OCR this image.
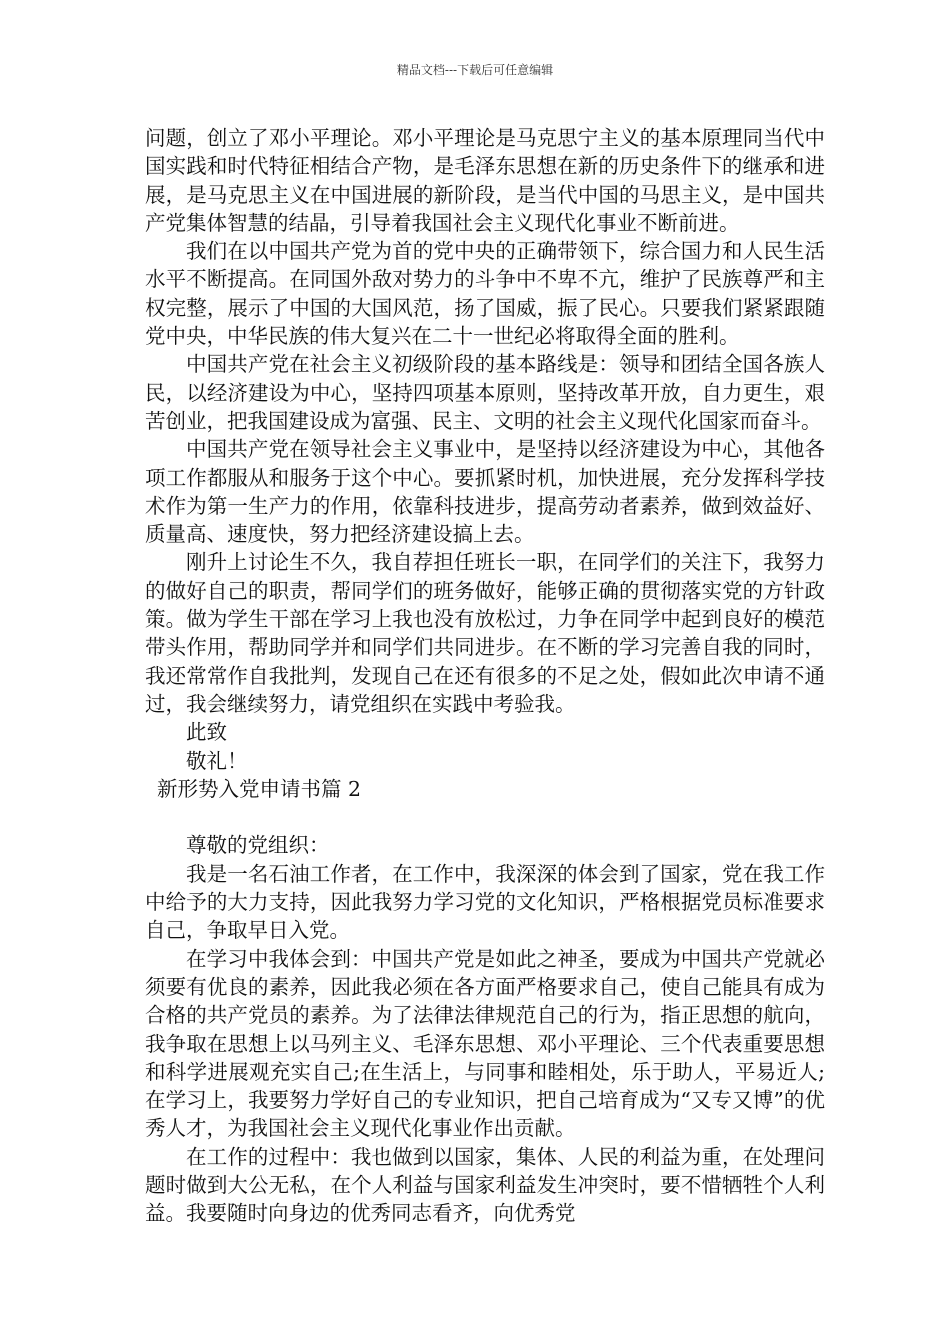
精品文档---下载后可任意编辑

问题，创立了邓小平理论。邓小平理论是马克思宁主义的基本原理同当代中国实践和时代特征相结合产物，是毛泽东思想在新的历史条件下的继承和进展，是马克思主义在中国进展的新阶段，是当代中国的马思主义，是中国共产党集体智慧的结晶，引导着我国社会主义现代化事业不断前进。

我们在以中国共产党为首的党中央的正确带领下，综合国力和人民生活水平不断提高。在同国外敌对势力的斗争中不卑不亢，维护了民族尊严和主权完整，展示了中国的大国风范，扬了国威，振了民心。只要我们紧紧跟随党中央，中华民族的伟大复兴在二十一世纪必将取得全面的胜利。

中国共产党在社会主义初级阶段的基本路线是：领导和团结全国各族人民，以经济建设为中心，坚持四项基本原则，坚持改革开放，自力更生，艰苦创业，把我国建设成为富强、民主、文明的社会主义现代化国家而奋斗。

中国共产党在领导社会主义事业中，是坚持以经济建设为中心，其他各项工作都服从和服务于这个中心。要抓紧时机，加快进展，充分发挥科学技术作为第一生产力的作用，依靠科技进步，提高劳动者素养，做到效益好、质量高、速度快，努力把经济建设搞上去。

刚升上讨论生不久，我自荐担任班长一职，在同学们的关注下，我努力的做好自己的职责，帮同学们的班务做好，能够正确的贯彻落实党的方针政策。做为学生干部在学习上我也没有放松过，力争在同学中起到良好的模范带头作用，帮助同学并和同学们共同进步。在不断的学习完善自我的同时，我还常常作自我批判，发现自己在还有很多的不足之处，假如此次申请不通过，我会继续努力，请党组织在实践中考验我。

此致

敬礼！

新形势入党申请书篇 2

尊敬的党组织：

我是一名石油工作者，在工作中，我深深的体会到了国家，党在我工作中给予的大力支持，因此我努力学习党的文化知识，严格根据党员标准要求自己，争取早日入党。

在学习中我体会到：中国共产党是如此之神圣，要成为中国共产党就必须要有优良的素养，因此我必须在各方面严格要求自己，使自己能具有成为合格的共产党员的素养。为了法律法律规范自己的行为，指正思想的航向，我争取在思想上以马列主义、毛泽东思想、邓小平理论、三个代表重要思想和科学进展观充实自己;在生活上，与同事和睦相处，乐于助人，平易近人;在学习上，我要努力学好自己的专业知识，把自己培育成为“又专又博”的优秀人才，为我国社会主义现代化事业作出贡献。

在工作的过程中：我也做到以国家，集体、人民的利益为重，在处理问题时做到大公无私，在个人利益与国家利益发生冲突时，要不惜牺牲个人利益。我要随时向身边的优秀同志看齐，向优秀党
